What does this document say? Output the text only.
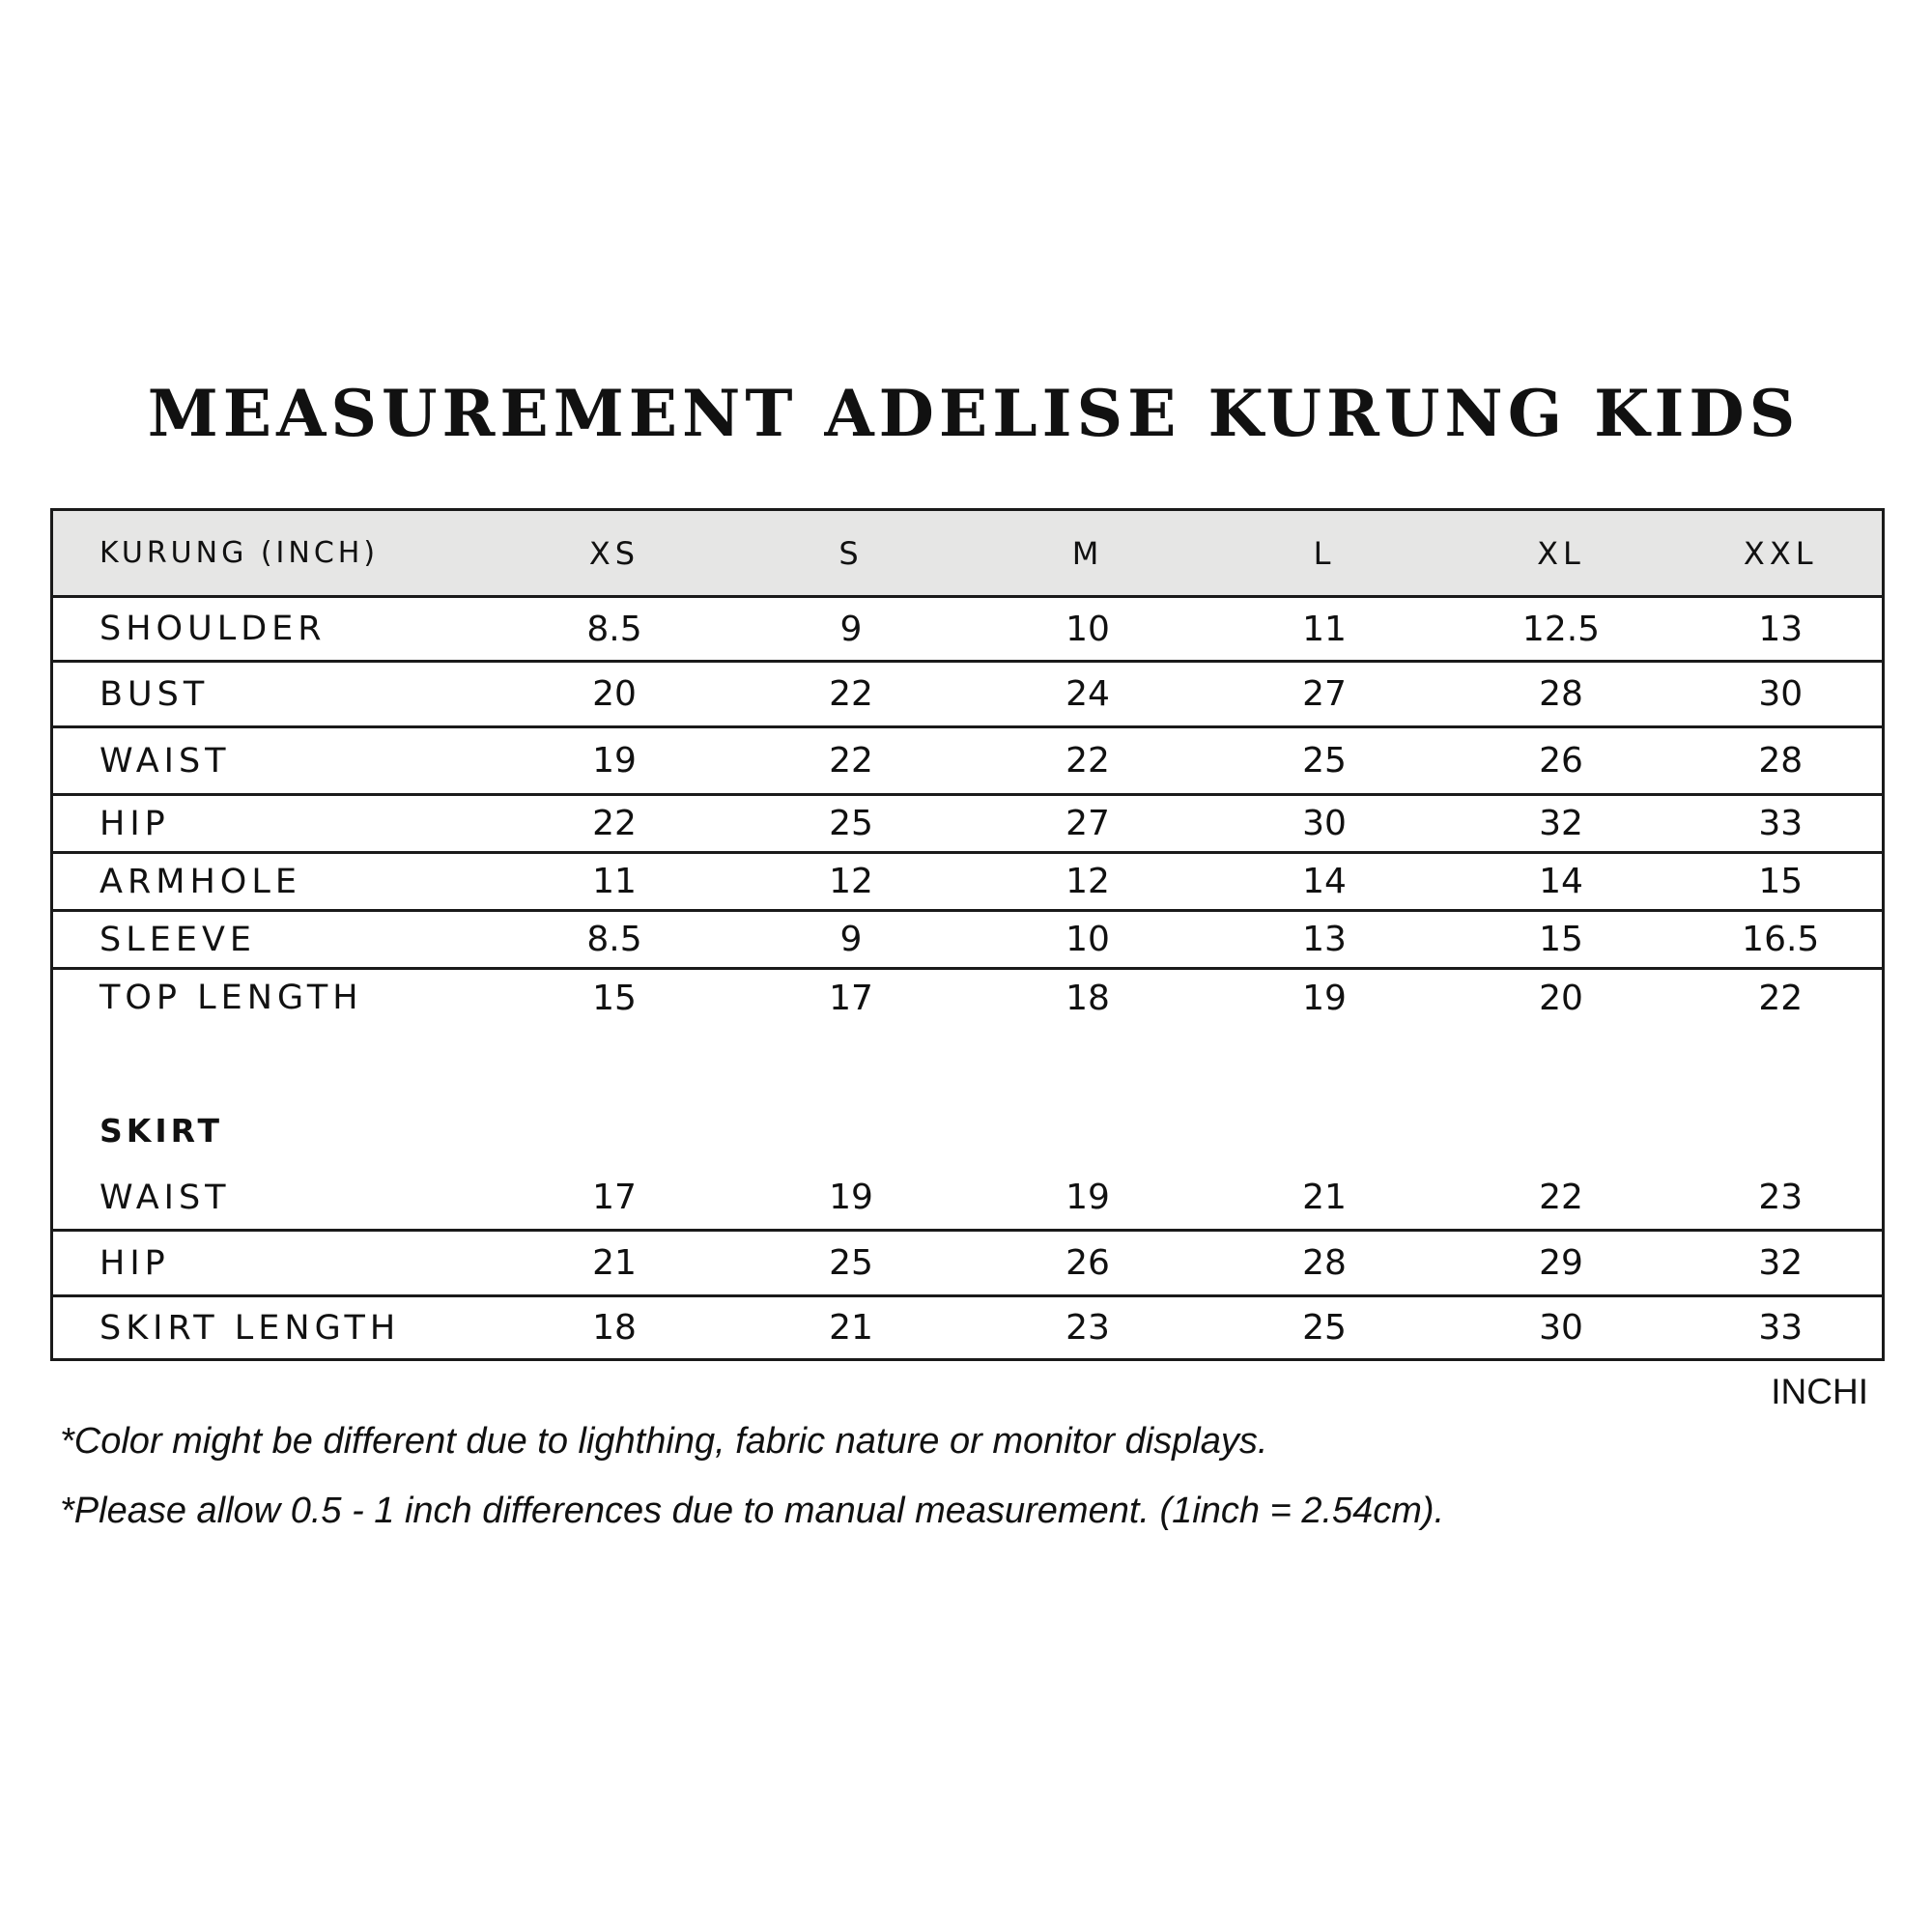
MEASUREMENT ADELISE KURUNG KIDS
KURUNG (INCH)	XS	S	M	L	XL	XXL
SHOULDER	8.5	9	10	11	12.5	13
BUST	20	22	24	27	28	30
WAIST	19	22	22	25	26	28
HIP	22	25	27	30	32	33
ARMHOLE	11	12	12	14	14	15
SLEEVE	8.5	9	10	13	15	16.5
TOP LENGTH	15	17	18	19	20	22
SKIRT						
WAIST	17	19	19	21	22	23
HIP	21	25	26	28	29	32
SKIRT LENGTH	18	21	23	25	30	33
INCHI

*Color might be different due to lighthing, fabric nature or monitor displays.

*Please allow 0.5 - 1 inch differences due to manual measurement. (1inch = 2.54cm).
